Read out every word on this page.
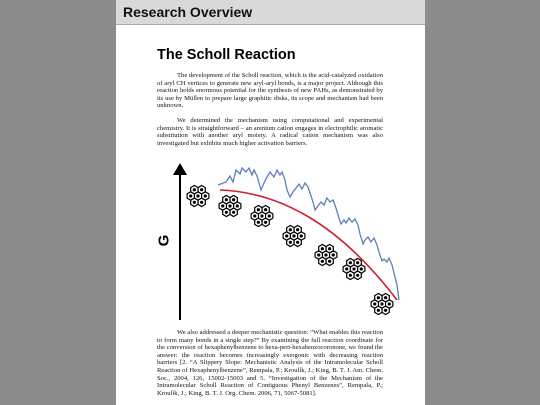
Research Overview
The Scholl Reaction

The development of the Scholl reaction, which is the acid-catalyzed oxidation of aryl CH vertices to generate new aryl-aryl bonds, is a major project. Although this reaction holds enormous potential for the synthesis of new PAHs, as demonstrated by its use by Müllen to prepare large graphitic disks, its scope and mechanism had been unknown.

We determined the mechanism using computational and experimental chemistry. It is straightforward – an arenium cation engages in electrophilic aromatic substitution with another aryl moiety. A radical cation mechanism was also investigated but exhibits much higher activation barriers.

G

We also addressed a deeper mechanistic question: “What enables this reaction to form many bonds in a single step?” By examining the full reaction coordinate for the conversion of hexaphenylbenzene to hexa-peri-hexabenzocoronone, we found the answer: the reaction becomes increasingly exergonic with decreasing reaction barriers [2. “A Slippery Slope: Mechanistic Analysis of the Intramolecular Scholl Reaction of Hexaphenylbenzene”, Rempala, P.; Kroulík, J.; King, B. T. J. Am. Chem. Soc., 2004, 126, 15002-15003 and 5. “Investigation of the Mechanism of the Intramolecular Scholl Reaction of Contiguous Phenyl Benzenes”, Rempala, P.; Kroulík, J.; King, B. T. J. Org. Chem. 2006, 71, 5067-5081].
